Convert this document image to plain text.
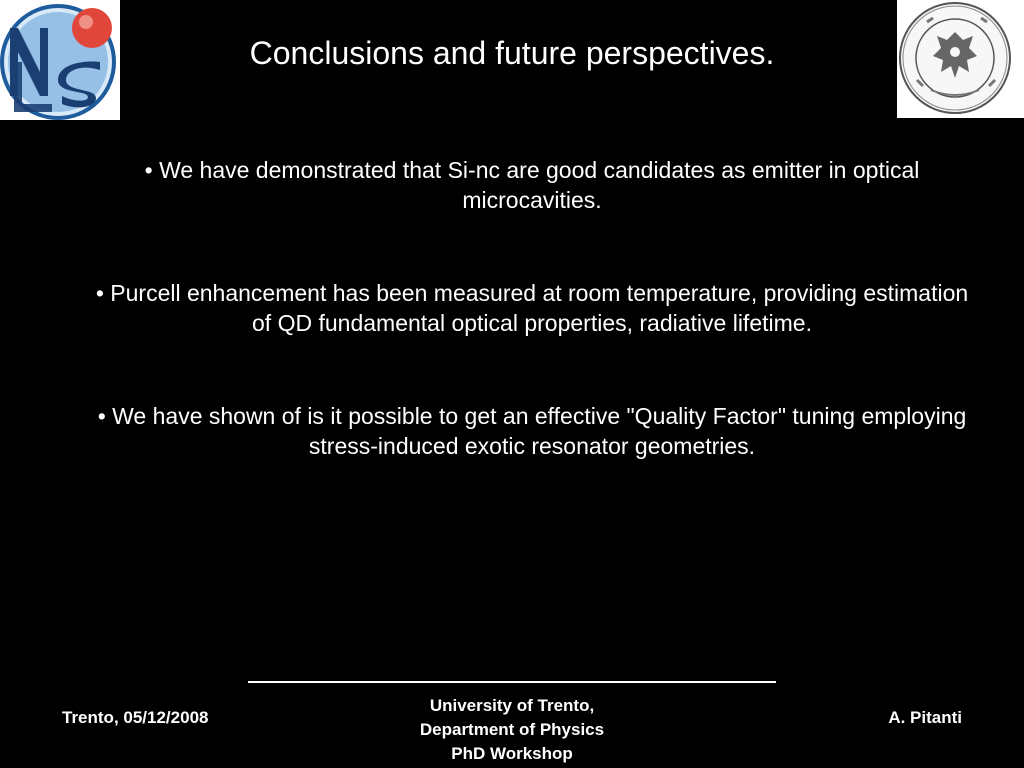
Conclusions and future perspectives.
• We have demonstrated that Si-nc are good candidates as emitter in optical microcavities.
• Purcell enhancement has been measured at room temperature, providing estimation of QD fundamental optical properties, radiative lifetime.
• We have shown of is it possible to get an effective "Quality Factor" tuning employing stress-induced exotic resonator geometries.
Trento, 05/12/2008
University of Trento,
Department of Physics
PhD Workshop
A. Pitanti
